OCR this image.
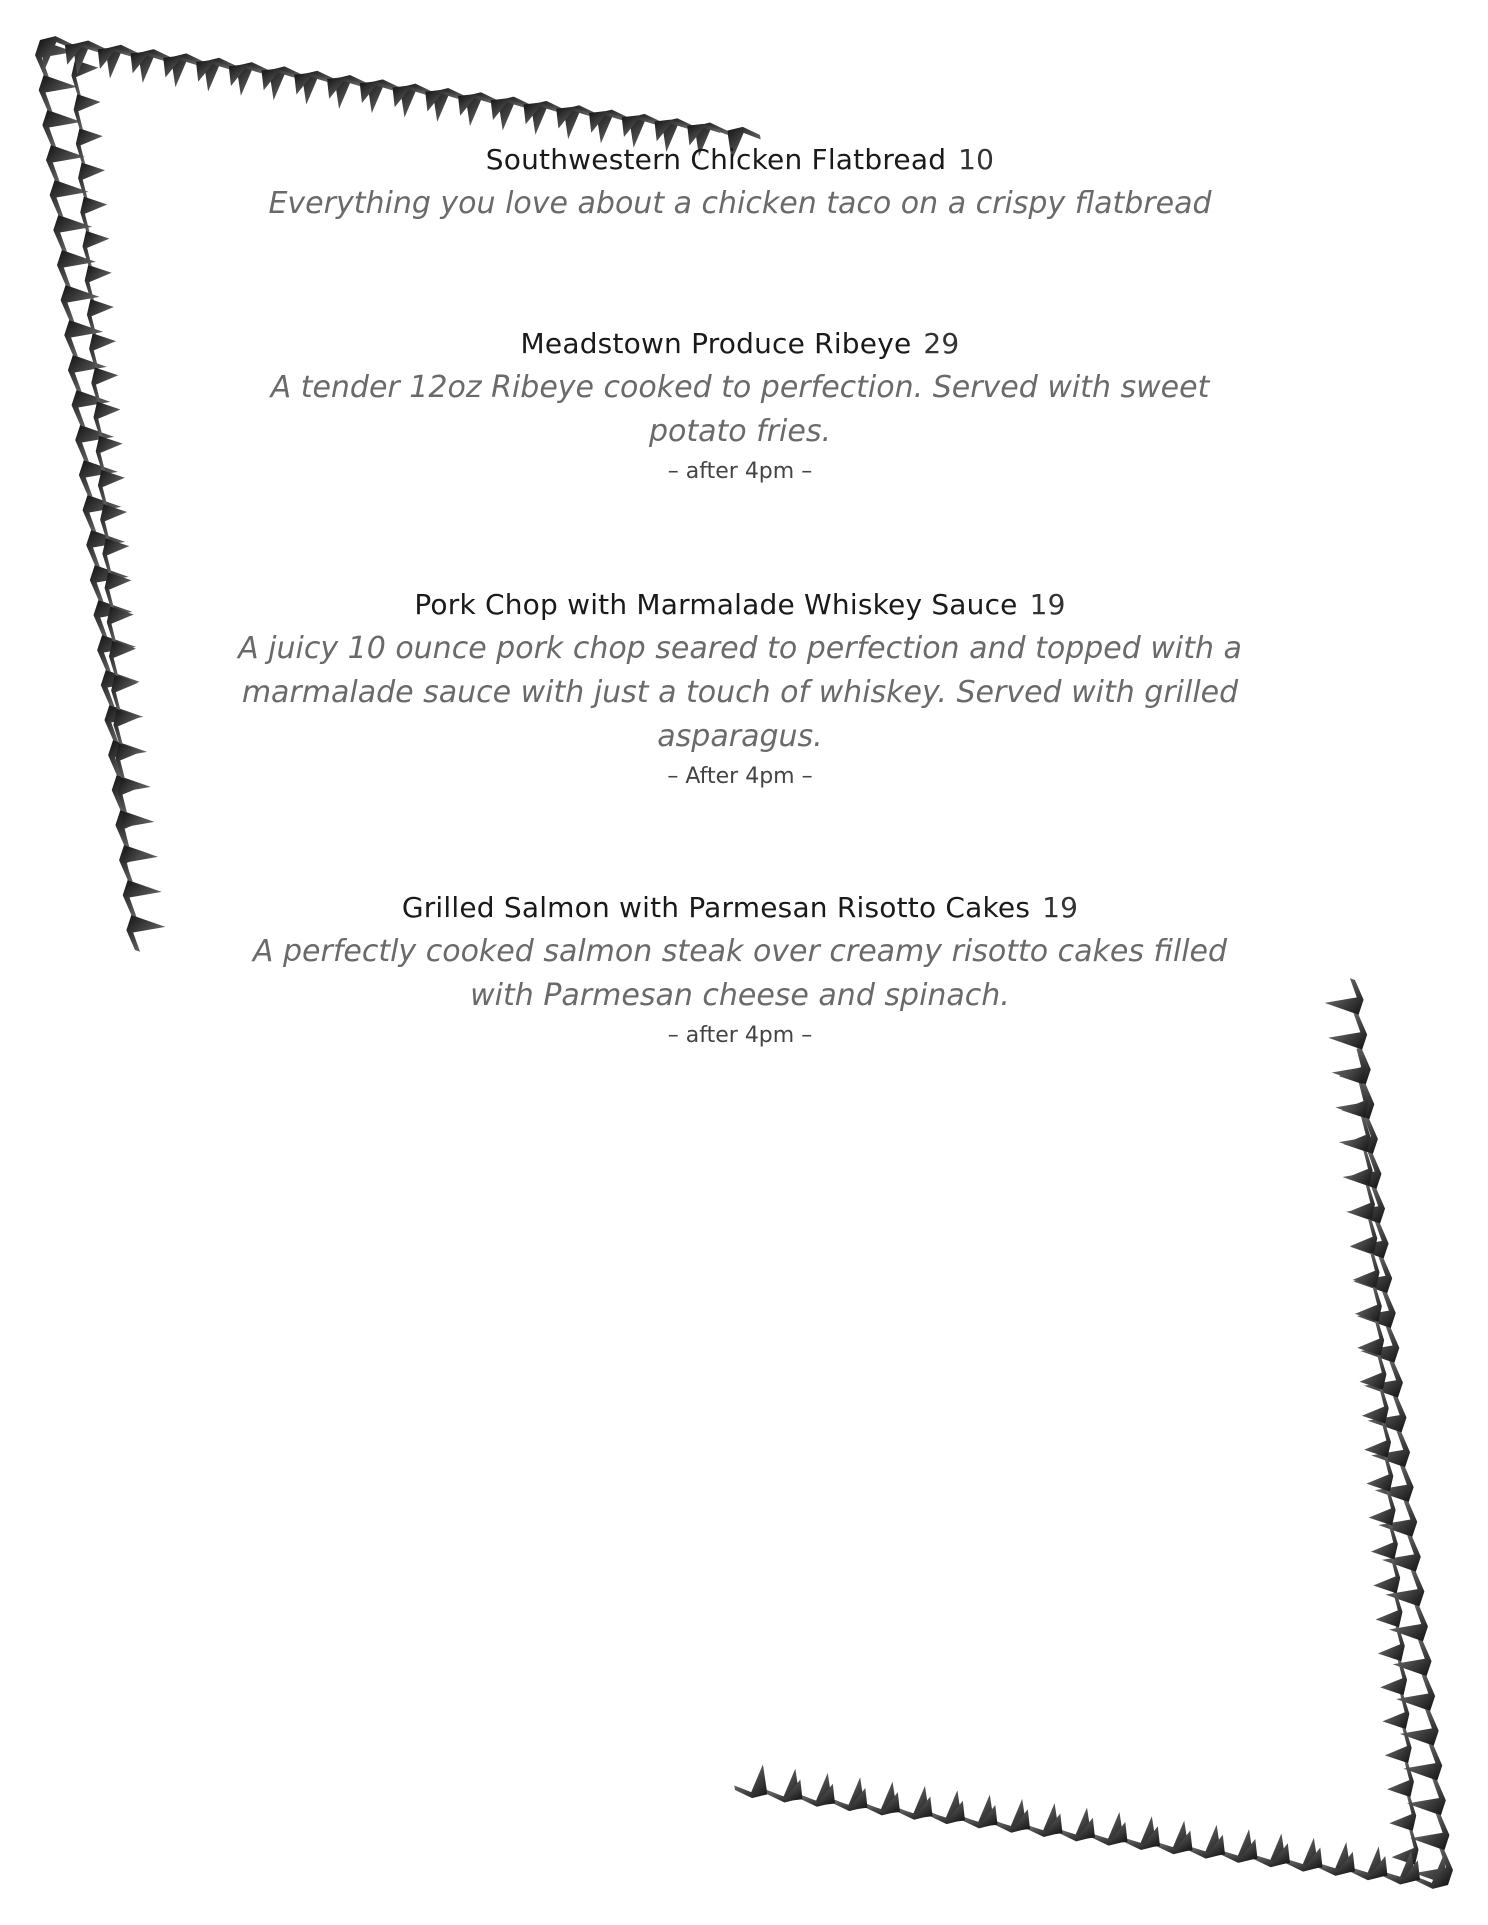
Southwestern Chicken Flatbread 10
Everything you love about a chicken taco on a crispy flatbread
Meadstown Produce Ribeye 29
A tender 12oz Ribeye cooked to perfection. Served with sweet potato fries.
– after 4pm –
Pork Chop with Marmalade Whiskey Sauce 19
A juicy 10 ounce pork chop seared to perfection and topped with a marmalade sauce with just a touch of whiskey. Served with grilled asparagus.
– After 4pm –
Grilled Salmon with Parmesan Risotto Cakes 19
A perfectly cooked salmon steak over creamy risotto cakes filled with Parmesan cheese and spinach.
– after 4pm –
